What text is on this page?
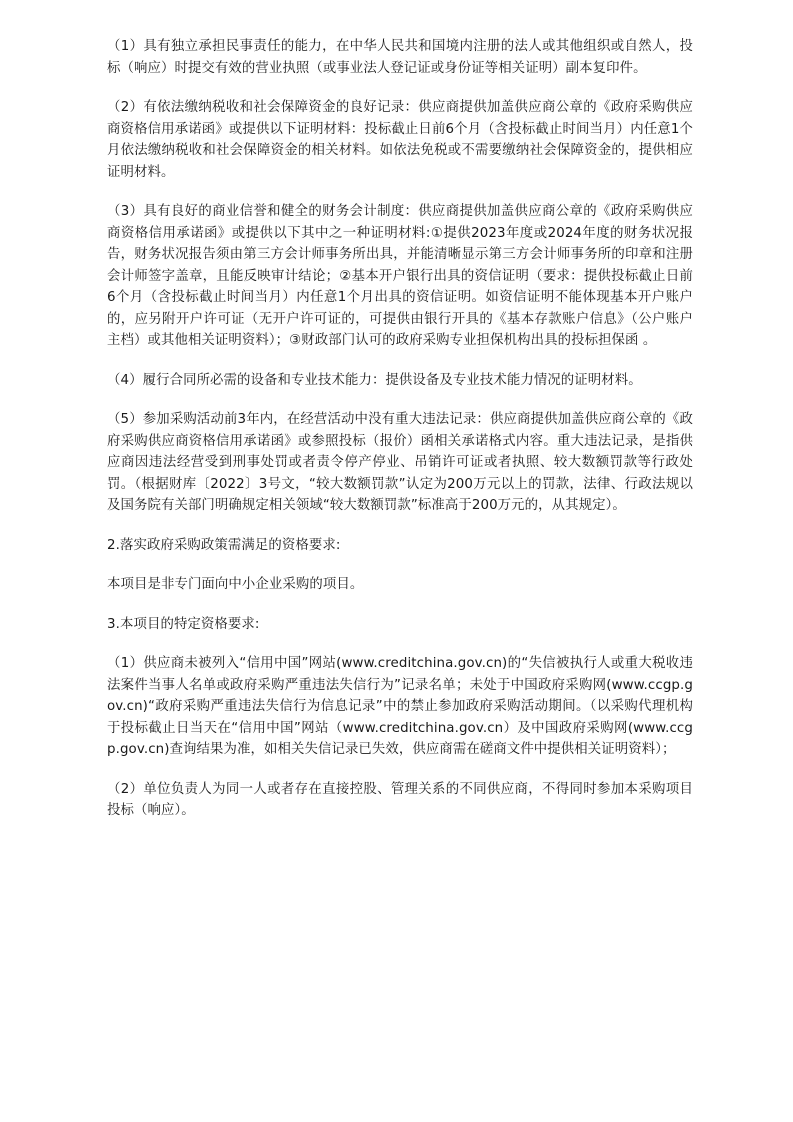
（1）具有独立承担民事责任的能力，在中华人民共和国境内注册的法人或其他组织或自然人，投标（响应）时提交有效的营业执照（或事业法人登记证或身份证等相关证明）副本复印件。

（2）有依法缴纳税收和社会保障资金的良好记录：供应商提供加盖供应商公章的《政府采购供应商资格信用承诺函》或提供以下证明材料：投标截止日前6个月（含投标截止时间当月）内任意1个月依法缴纳税收和社会保障资金的相关材料。如依法免税或不需要缴纳社会保障资金的，提供相应证明材料。

（3）具有良好的商业信誉和健全的财务会计制度：供应商提供加盖供应商公章的《政府采购供应商资格信用承诺函》或提供以下其中之一种证明材料:①提供2023年度或2024年度的财务状况报告，财务状况报告须由第三方会计师事务所出具，并能清晰显示第三方会计师事务所的印章和注册会计师签字盖章，且能反映审计结论；②基本开户银行出具的资信证明（要求：提供投标截止日前6个月（含投标截止时间当月）内任意1个月出具的资信证明。如资信证明不能体现基本开户账户的，应另附开户许可证（无开户许可证的，可提供由银行开具的《基本存款账户信息》（公户账户主档）或其他相关证明资料）；③财政部门认可的政府采购专业担保机构出具的投标担保函 。

（4）履行合同所必需的设备和专业技术能力：提供设备及专业技术能力情况的证明材料。

（5）参加采购活动前3年内，在经营活动中没有重大违法记录：供应商提供加盖供应商公章的《政府采购供应商资格信用承诺函》或参照投标（报价）函相关承诺格式内容。重大违法记录，是指供应商因违法经营受到刑事处罚或者责令停产停业、吊销许可证或者执照、较大数额罚款等行政处罚。（根据财库〔2022〕3号文，“较大数额罚款”认定为200万元以上的罚款，法律、行政法规以及国务院有关部门明确规定相关领域“较大数额罚款”标准高于200万元的，从其规定）。

2.落实政府采购政策需满足的资格要求:

本项目是非专门面向中小企业采购的项目。

3.本项目的特定资格要求:

（1）供应商未被列入“信用中国”网站(www.creditchina.gov.cn)的“失信被执行人或重大税收违法案件当事人名单或政府采购严重违法失信行为”记录名单；未处于中国政府采购网(www.ccgp.gov.cn)“政府采购严重违法失信行为信息记录”中的禁止参加政府采购活动期间。（以采购代理机构于投标截止日当天在“信用中国”网站（www.creditchina.gov.cn）及中国政府采购网(www.ccgp.gov.cn)查询结果为准，如相关失信记录已失效，供应商需在磋商文件中提供相关证明资料）；

（2）单位负责人为同一人或者存在直接控股、管理关系的不同供应商，不得同时参加本采购项目投标（响应）。
